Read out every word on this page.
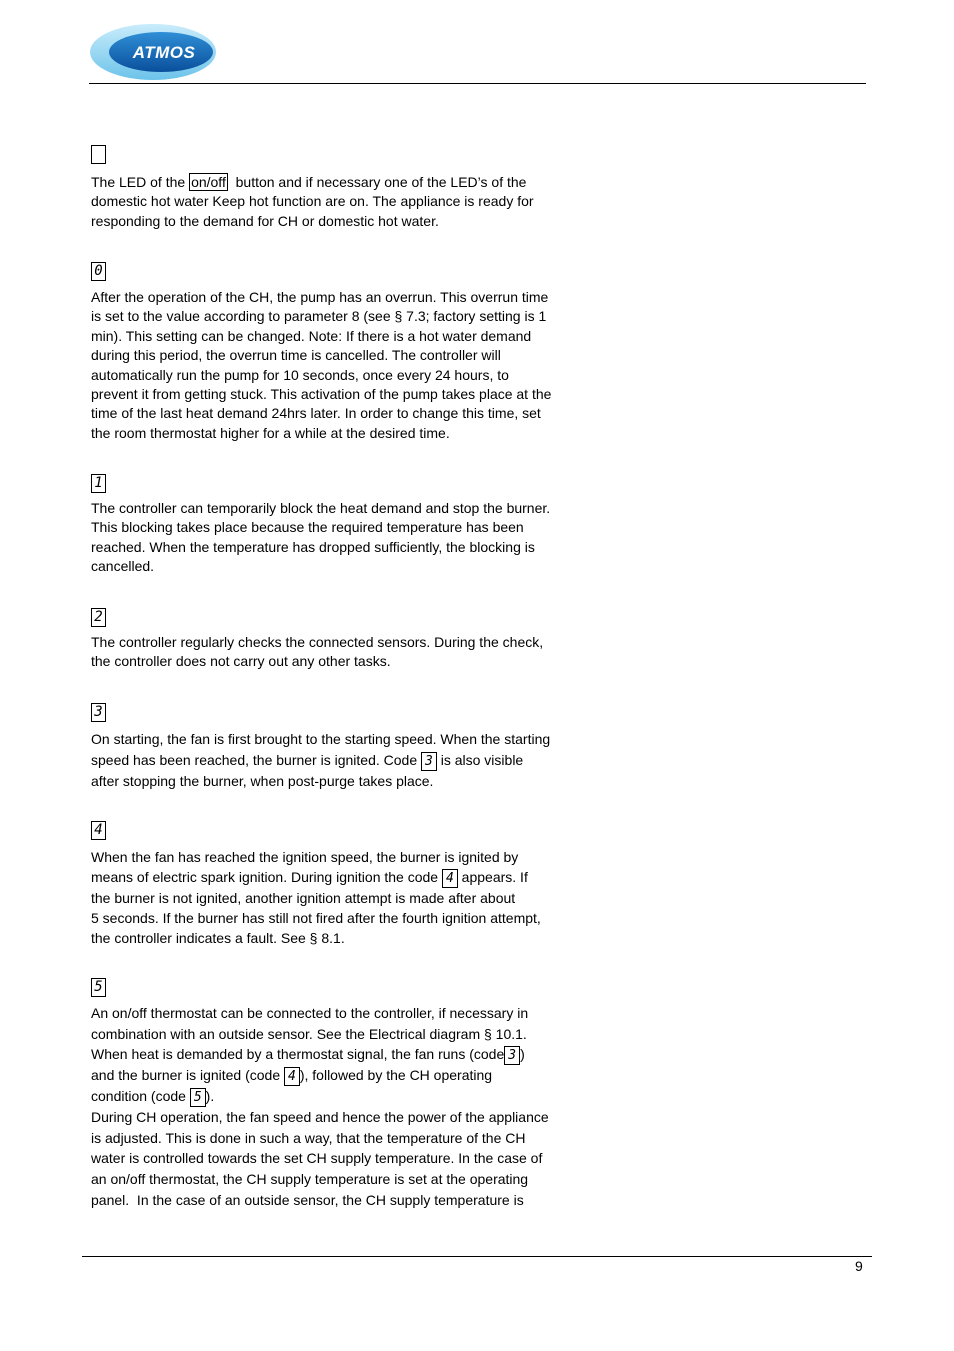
ATMOS

The LED of the on/off  button and if necessary one of the LED’s of the

domestic hot water Keep hot function are on. The appliance is ready for

responding to the demand for CH or domestic hot water.

0

After the operation of the CH, the pump has an overrun. This overrun time

is set to the value according to parameter 8 (see § 7.3; factory setting is 1

min). This setting can be changed. Note: If there is a hot water demand

during this period, the overrun time is cancelled. The controller will

automatically run the pump for 10 seconds, once every 24 hours, to

prevent it from getting stuck. This activation of the pump takes place at the

time of the last heat demand 24hrs later. In order to change this time, set

the room thermostat higher for a while at the desired time.

1

The controller can temporarily block the heat demand and stop the burner.

This blocking takes place because the required temperature has been

reached. When the temperature has dropped sufficiently, the blocking is

cancelled.

2

The controller regularly checks the connected sensors. During the check,

the controller does not carry out any other tasks.

3

On starting, the fan is first brought to the starting speed. When the starting

speed has been reached, the burner is ignited. Code 3 is also visible

after stopping the burner, when post-purge takes place.

4

When the fan has reached the ignition speed, the burner is ignited by

means of electric spark ignition. During ignition the code 4 appears. If

the burner is not ignited, another ignition attempt is made after about

5 seconds. If the burner has still not fired after the fourth ignition attempt,

the controller indicates a fault. See § 8.1.

5

An on/off thermostat can be connected to the controller, if necessary in

combination with an outside sensor. See the Electrical diagram § 10.1.

When heat is demanded by a thermostat signal, the fan runs (code 3 )

and the burner is ignited (code 4 ), followed by the CH operating

condition (code 5 ).

During CH operation, the fan speed and hence the power of the appliance

is adjusted. This is done in such a way, that the temperature of the CH

water is controlled towards the set CH supply temperature. In the case of

an on/off thermostat, the CH supply temperature is set at the operating

panel.  In the case of an outside sensor, the CH supply temperature is

9
